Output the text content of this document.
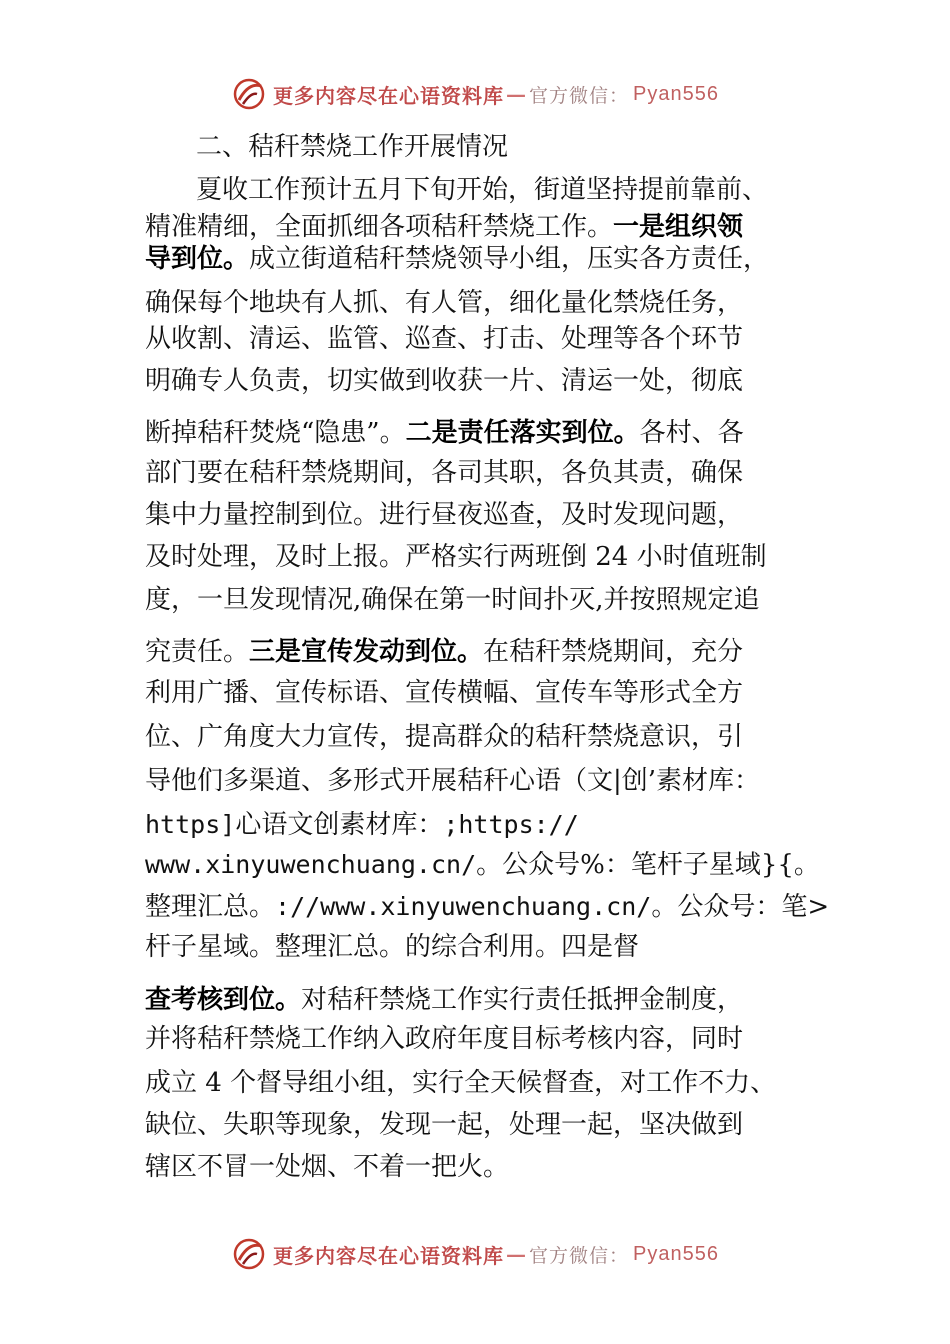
更多内容尽在心语资料库 — 官方微信： Pyan556
二、秸秆禁烧工作开展情况
夏收工作预计五月下旬开始，街道坚持提前靠前、
精准精细，全面抓细各项秸秆禁烧工作。一是组织领
导到位。成立街道秸秆禁烧领导小组，压实各方责任，
确保每个地块有人抓、有人管，细化量化禁烧任务，
从收割、清运、监管、巡查、打击、处理等各个环节
明确专人负责，切实做到收获一片、清运一处，彻底
断掉秸秆焚烧“隐患”。二是责任落实到位。各村、各
部门要在秸秆禁烧期间，各司其职，各负其责，确保
集中力量控制到位。进行昼夜巡查，及时发现问题，
及时处理，及时上报。严格实行两班倒 24 小时值班制
度，一旦发现情况,确保在第一时间扑灭,并按照规定追
究责任。三是宣传发动到位。在秸秆禁烧期间，充分
利用广播、宣传标语、宣传横幅、宣传车等形式全方
位、广角度大力宣传，提高群众的秸秆禁烧意识，引
导他们多渠道、多形式开展秸秆心语（文|创’素材库：
https]心语文创素材库：;https://
www.xinyuwenchuang.cn/。公众号%：笔杆子星域}{。
整理汇总。://www.xinyuwenchuang.cn/。公众号：笔>
杆子星域。整理汇总。的综合利用。四是督
查考核到位。对秸秆禁烧工作实行责任抵押金制度，
并将秸秆禁烧工作纳入政府年度目标考核内容，同时
成立 4 个督导组小组，实行全天候督查，对工作不力、
缺位、失职等现象，发现一起，处理一起，坚决做到
辖区不冒一处烟、不着一把火。
更多内容尽在心语资料库 — 官方微信： Pyan556
